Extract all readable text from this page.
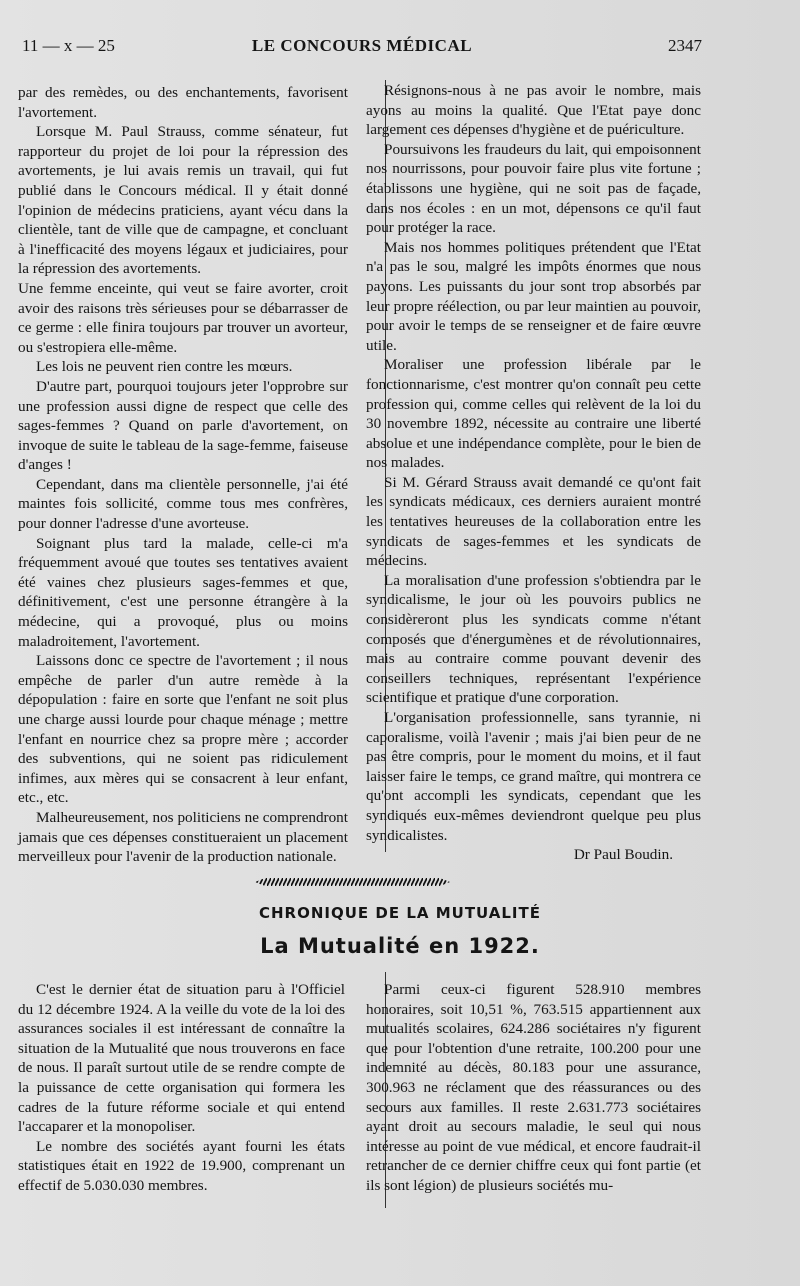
11 — x — 25	LE CONCOURS MÉDICAL	2347

par des remèdes, ou des enchantements, favorisent l'avortement.

Lorsque M. Paul Strauss, comme sénateur, fut rapporteur du projet de loi pour la répression des avortements, je lui avais remis un travail, qui fut publié dans le Concours médical. Il y était donné l'opinion de médecins praticiens, ayant vécu dans la clientèle, tant de ville que de campagne, et concluant à l'inefficacité des moyens légaux et judiciaires, pour la répression des avortements.

Une femme enceinte, qui veut se faire avorter, croit avoir des raisons très sérieuses pour se débarrasser de ce germe : elle finira toujours par trouver un avorteur, ou s'estropiera elle-même.

Les lois ne peuvent rien contre les mœurs.

D'autre part, pourquoi toujours jeter l'opprobre sur une profession aussi digne de respect que celle des sages-femmes ? Quand on parle d'avortement, on invoque de suite le tableau de la sage-femme, faiseuse d'anges !

Cependant, dans ma clientèle personnelle, j'ai été maintes fois sollicité, comme tous mes confrères, pour donner l'adresse d'une avorteuse.

Soignant plus tard la malade, celle-ci m'a fréquemment avoué que toutes ses tentatives avaient été vaines chez plusieurs sages-femmes et que, définitivement, c'est une personne étrangère à la médecine, qui a provoqué, plus ou moins maladroitement, l'avortement.

Laissons donc ce spectre de l'avortement ; il nous empêche de parler d'un autre remède à la dépopulation : faire en sorte que l'enfant ne soit plus une charge aussi lourde pour chaque ménage ; mettre l'enfant en nourrice chez sa propre mère ; accorder des subventions, qui ne soient pas ridiculement infimes, aux mères qui se consacrent à leur enfant, etc., etc.

Malheureusement, nos politiciens ne comprendront jamais que ces dépenses constitueraient un placement merveilleux pour l'avenir de la production nationale.

Résignons-nous à ne pas avoir le nombre, mais ayons au moins la qualité. Que l'Etat paye donc largement ces dépenses d'hygiène et de puériculture.

Poursuivons les fraudeurs du lait, qui empoisonnent nos nourrissons, pour pouvoir faire plus vite fortune ; établissons une hygiène, qui ne soit pas de façade, dans nos écoles : en un mot, dépensons ce qu'il faut pour protéger la race.

Mais nos hommes politiques prétendent que l'Etat n'a pas le sou, malgré les impôts énormes que nous payons. Les puissants du jour sont trop absorbés par leur propre réélection, ou par leur maintien au pouvoir, pour avoir le temps de se renseigner et de faire œuvre utile.

Moraliser une profession libérale par le fonctionnarisme, c'est montrer qu'on connaît peu cette profession qui, comme celles qui relèvent de la loi du 30 novembre 1892, nécessite au contraire une liberté absolue et une indépendance complète, pour le bien de nos malades.

Si M. Gérard Strauss avait demandé ce qu'ont fait les syndicats médicaux, ces derniers auraient montré les tentatives heureuses de la collaboration entre les syndicats de sages-femmes et les syndicats de médecins.

La moralisation d'une profession s'obtiendra par le syndicalisme, le jour où les pouvoirs publics ne considèreront plus les syndicats comme n'étant composés que d'énergumènes et de révolutionnaires, mais au contraire comme pouvant devenir des conseillers techniques, représentant l'expérience scientifique et pratique d'une corporation.

L'organisation professionnelle, sans tyrannie, ni caporalisme, voilà l'avenir ; mais j'ai bien peur de ne pas être compris, pour le moment du moins, et il faut laisser faire le temps, ce grand maître, qui montrera ce qu'ont accompli les syndicats, cependant que les syndiqués eux-mêmes deviendront quelque peu plus syndicalistes.

Dr Paul Boudin.

CHRONIQUE DE LA MUTUALITÉ
La Mutualité en 1922.

C'est le dernier état de situation paru à l'Officiel du 12 décembre 1924. A la veille du vote de la loi des assurances sociales il est intéressant de connaître la situation de la Mutualité que nous trouverons en face de nous. Il paraît surtout utile de se rendre compte de la puissance de cette organisation qui formera les cadres de la future réforme sociale et qui entend l'accaparer et la monopoliser.

Le nombre des sociétés ayant fourni les états statistiques était en 1922 de 19.900, comprenant un effectif de 5.030.030 membres.

Parmi ceux-ci figurent 528.910 membres honoraires, soit 10,51 %, 763.515 appartiennent aux mutualités scolaires, 624.286 sociétaires n'y figurent que pour l'obtention d'une retraite, 100.200 pour une indemnité au décès, 80.183 pour une assurance, 300.963 ne réclament que des réassurances ou des secours aux familles. Il reste 2.631.773 sociétaires ayant droit au secours maladie, le seul qui nous intéresse au point de vue médical, et encore faudrait-il retrancher de ce dernier chiffre ceux qui font partie (et ils sont légion) de plusieurs sociétés mu-
